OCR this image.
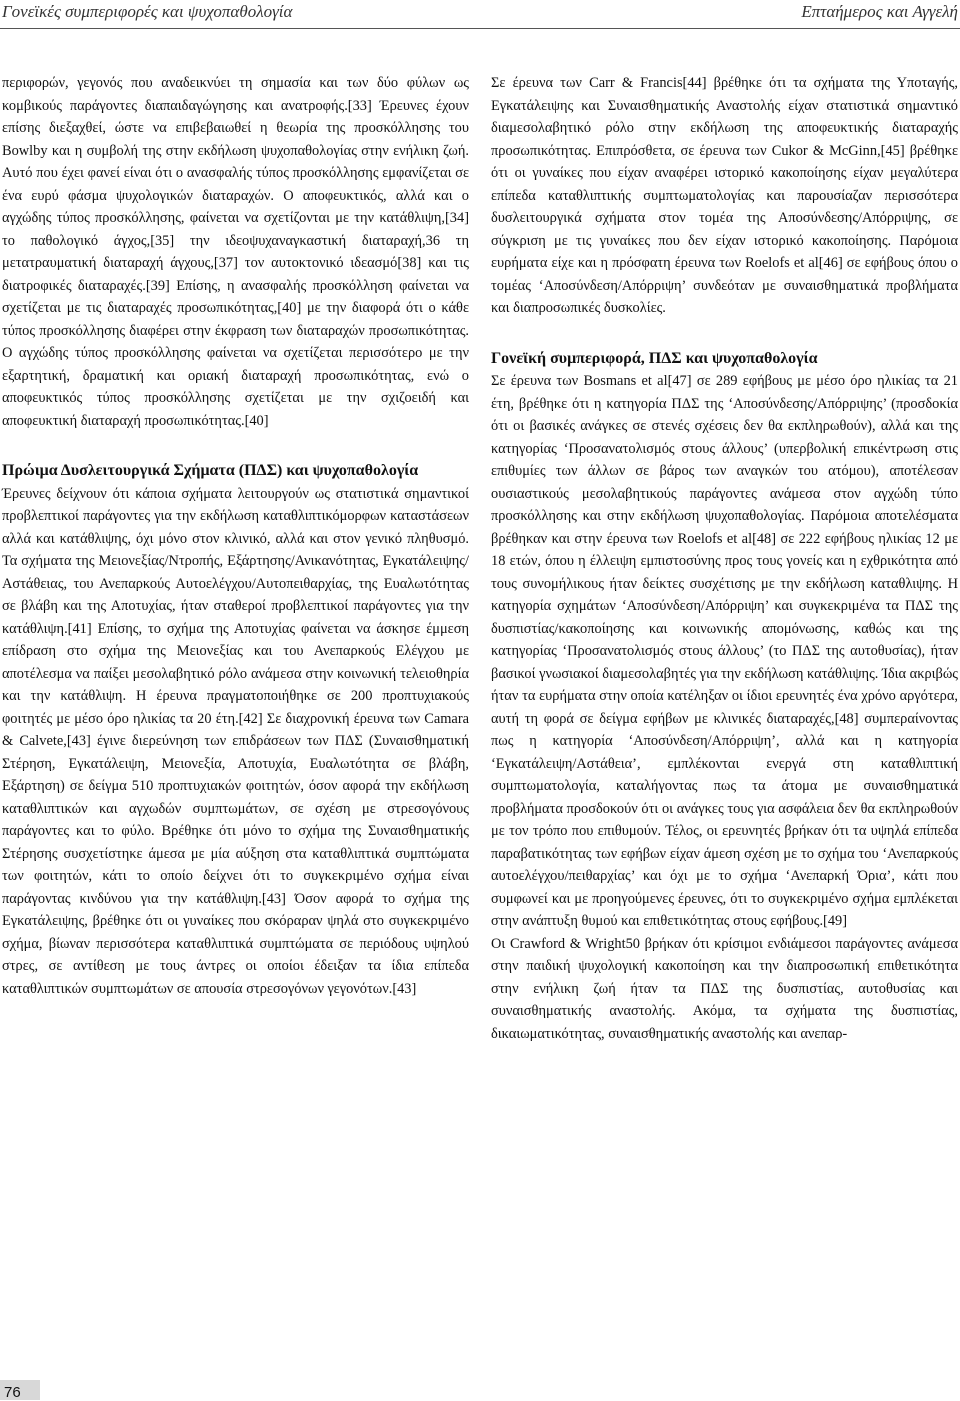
Γονεϊκές συμπεριφορές και ψυχοπαθολογία	Επταήμερος και Αγγελή

περιφορών, γεγονός που αναδεικνύει τη σημασία και των δύο φύλων ως κομβικούς παράγοντες διαπαιδαγώγησης και ανατροφής.[33] Έρευνες έχουν επίσης διεξαχθεί, ώστε να επιβεβαιωθεί η θεωρία της προσκόλλησης του Bowlby και η συμβολή της στην εκδήλωση ψυχοπαθολογίας στην ενήλικη ζωή. Αυτό που έχει φανεί είναι ότι ο ανασφαλής τύπος προσκόλλησης εμφανίζεται σε ένα ευρύ φάσμα ψυχολογικών διαταραχών. Ο αποφευκτικός, αλλά και ο αγχώδης τύπος προσκόλλησης, φαίνεται να σχετίζονται με την κατάθλιψη,[34] το παθολογικό άγχος,[35] την ιδεοψυχαναγκαστική διαταραχή,36 τη μετατραυματική διαταραχή άγχους,[37] τον αυτοκτονικό ιδεασμό[38] και τις διατροφικές διαταραχές.[39] Επίσης, η ανασφαλής προσκόλληση φαίνεται να σχετίζεται με τις διαταραχές προσωπικότητας,[40] με την διαφορά ότι ο κάθε τύπος προσκόλλησης διαφέρει στην έκφραση των διαταραχών προσωπικότητας. Ο αγχώδης τύπος προσκόλλησης φαίνεται να σχετίζεται περισσότερο με την εξαρτητική, δραματική και οριακή διαταραχή προσωπικότητας, ενώ ο αποφευκτικός τύπος προσκόλλησης σχετίζεται με την σχιζοειδή και αποφευκτική διαταραχή προσωπικότητας.[40]

Πρώιμα Δυσλειτουργικά Σχήματα (ΠΔΣ) και ψυχοπαθολογία

Έρευνες δείχνουν ότι κάποια σχήματα λειτουργούν ως στατιστικά σημαντικοί προβλεπτικοί παράγοντες για την εκδήλωση καταθλιπτικόμορφων καταστάσεων αλλά και κατάθλιψης, όχι μόνο στον κλινικό, αλλά και στον γενικό πληθυσμό. Τα σχήματα της Μειονεξίας/Ντροπής, Εξάρτησης/Ανικανότητας, Εγκατάλειψης/Αστάθειας, του Ανεπαρκούς Αυτοελέγχου/Αυτοπειθαρχίας, της Ευαλωτότητας σε βλάβη και της Αποτυχίας, ήταν σταθεροί προβλεπτικοί παράγοντες για την κατάθλιψη.[41] Επίσης, το σχήμα της Αποτυχίας φαίνεται να άσκησε έμμεση επίδραση στο σχήμα της Μειονεξίας και του Ανεπαρκούς Ελέγχου με αποτέλεσμα να παίξει μεσολαβητικό ρόλο ανάμεσα στην κοινωνική τελειοθηρία και την κατάθλιψη. Η έρευνα πραγματοποιήθηκε σε 200 προπτυχιακούς φοιτητές με μέσο όρο ηλικίας τα 20 έτη.[42] Σε διαχρονική έρευνα των Camara & Calvete,[43] έγινε διερεύνηση των επιδράσεων των ΠΔΣ (Συναισθηματική Στέρηση, Εγκατάλειψη, Μειονεξία, Αποτυχία, Ευαλωτότητα σε βλάβη, Εξάρτηση) σε δείγμα 510 προπτυχιακών φοιτητών, όσον αφορά την εκδήλωση καταθλιπτικών και αγχωδών συμπτωμάτων, σε σχέση με στρεσογόνους παράγοντες και το φύλο. Βρέθηκε ότι μόνο το σχήμα της Συναισθηματικής Στέρησης συσχετίστηκε άμεσα με μία αύξηση στα καταθλιπτικά συμπτώματα των φοιτητών, κάτι το οποίο δείχνει ότι το συγκεκριμένο σχήμα είναι παράγοντας κινδύνου για την κατάθλιψη.[43] Όσον αφορά το σχήμα της Εγκατάλειψης, βρέθηκε ότι οι γυναίκες που σκόραραν ψηλά στο συγκεκριμένο σχήμα, βίωναν περισσότερα καταθλιπτικά συμπτώματα σε περιόδους υψηλού στρες, σε αντίθεση με τους άντρες οι οποίοι έδειξαν τα ίδια επίπεδα καταθλιπτικών συμπτωμάτων σε απουσία στρεσογόνων γεγονότων.[43]

Σε έρευνα των Carr & Francis[44] βρέθηκε ότι τα σχήματα της Υποταγής, Εγκατάλειψης και Συναισθηματικής Αναστολής είχαν στατιστικά σημαντικό διαμεσολαβητικό ρόλο στην εκδήλωση της αποφευκτικής διαταραχής προσωπικότητας. Επιπρόσθετα, σε έρευνα των Cukor & McGinn,[45] βρέθηκε ότι οι γυναίκες που είχαν αναφέρει ιστορικό κακοποίησης είχαν μεγαλύτερα επίπεδα καταθλιπτικής συμπτωματολογίας και παρουσίαζαν περισσότερα δυσλειτουργικά σχήματα στον τομέα της Αποσύνδεσης/Απόρριψης, σε σύγκριση με τις γυναίκες που δεν είχαν ιστορικό κακοποίησης. Παρόμοια ευρήματα είχε και η πρόσφατη έρευνα των Roelofs et al[46] σε εφήβους όπου ο τομέας ‘Αποσύνδεση/Απόρριψη’ συνδεόταν με συναισθηματικά προβλήματα και διαπροσωπικές δυσκολίες.

Γονεϊκή συμπεριφορά, ΠΔΣ και ψυχοπαθολογία

Σε έρευνα των Bosmans et al[47] σε 289 εφήβους με μέσο όρο ηλικίας τα 21 έτη, βρέθηκε ότι η κατηγορία ΠΔΣ της ‘Αποσύνδεσης/Απόρριψης’ (προσδοκία ότι οι βασικές ανάγκες σε στενές σχέσεις δεν θα εκπληρωθούν), αλλά και της κατηγορίας ‘Προσανατολισμός στους άλλους’ (υπερβολική επικέντρωση στις επιθυμίες των άλλων σε βάρος των αναγκών του ατόμου), αποτέλεσαν ουσιαστικούς μεσολαβητικούς παράγοντες ανάμεσα στον αγχώδη τύπο προσκόλλησης και στην εκδήλωση ψυχοπαθολογίας. Παρόμοια αποτελέσματα βρέθηκαν και στην έρευνα των Roelofs et al[48] σε 222 εφήβους ηλικίας 12 με 18 ετών, όπου η έλλειψη εμπιστοσύνης προς τους γονείς και η εχθρικότητα από τους συνομήλικους ήταν δείκτες συσχέτισης με την εκδήλωση καταθλιψης. Η κατηγορία σχημάτων ‘Αποσύνδεση/Απόρριψη’ και συγκεκριμένα τα ΠΔΣ της δυσπιστίας/κακοποίησης και κοινωνικής απομόνωσης, καθώς και της κατηγορίας ‘Προσανατολισμός στους άλλους’ (το ΠΔΣ της αυτοθυσίας), ήταν βασικοί γνωσιακοί διαμεσολαβητές για την εκδήλωση κατάθλιψης. Ίδια ακριβώς ήταν τα ευρήματα στην οποία κατέληξαν οι ίδιοι ερευνητές ένα χρόνο αργότερα, αυτή τη φορά σε δείγμα εφήβων με κλινικές διαταραχές,[48] συμπεραίνοντας πως η κατηγορία ‘Αποσύνδεση/Απόρριψη’, αλλά και η κατηγορία ‘Εγκατάλειψη/Αστάθεια’, εμπλέκονται ενεργά στη καταθλιπτική συμπτωματολογία, καταλήγοντας πως τα άτομα με συναισθηματικά προβλήματα προσδοκούν ότι οι ανάγκες τους για ασφάλεια δεν θα εκπληρωθούν με τον τρόπο που επιθυμούν. Τέλος, οι ερευνητές βρήκαν ότι τα υψηλά επίπεδα παραβατικότητας των εφήβων είχαν άμεση σχέση με το σχήμα του ‘Ανεπαρκούς αυτοελέγχου/πειθαρχίας’ και όχι με το σχήμα ‘Ανεπαρκή Όρια’, κάτι που συμφωνεί και με προηγούμενες έρευνες, ότι το συγκεκριμένο σχήμα εμπλέκεται στην ανάπτυξη θυμού και επιθετικότητας στους εφήβους.[49]

Οι Crawford & Wright50 βρήκαν ότι κρίσιμοι ενδιάμεσοι παράγοντες ανάμεσα στην παιδική ψυχολογική κακοποίηση και την διαπροσωπική επιθετικότητα στην ενήλικη ζωή ήταν τα ΠΔΣ της δυσπιστίας, αυτοθυσίας και συναισθηματικής αναστολής. Ακόμα, τα σχήματα της δυσπιστίας, δικαιωματικότητας, συναισθηματικής αναστολής και ανεπαρ-

76
